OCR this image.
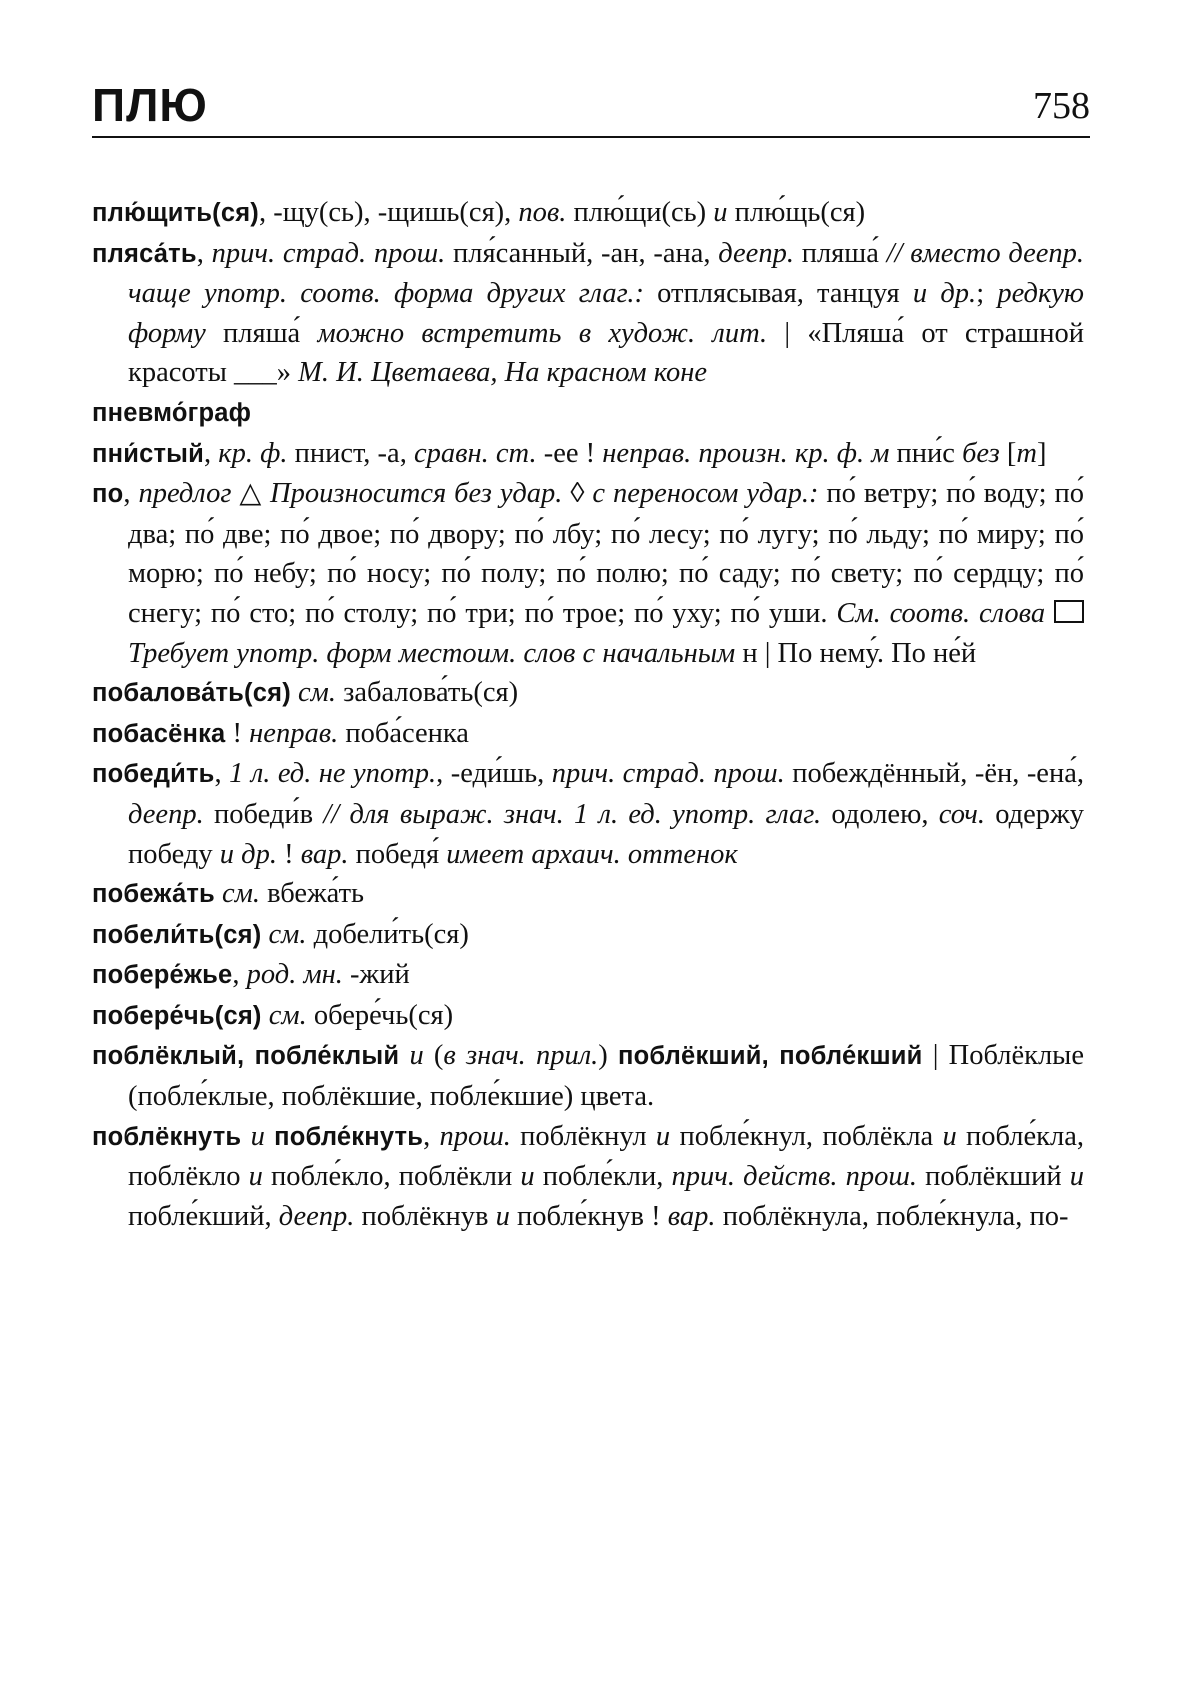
ПЛЮ	758
плю́щить(ся), -щу(сь), -щишь(ся), пов. плю́щи(сь) и плю́щь(ся)
пляса́ть, прич. страд. прош. пля́санный, -ан, -ана, деепр. пляша́ // вместо деепр. чаще употр. соотв. форма других глаг.: отплясывая, танцуя и др.; редкую форму пляша́ можно встретить в худож. лит. | «Пляша́ от страшной красоты ___» М. И. Цветаева, На красном коне
пневмо́граф
пни́стый, кр. ф. пнист, -а, сравн. ст. -ее ! неправ. произн. кр. ф. м пни́с без [т]
по, предлог △ Произносится без удар. ◊ с переносом удар.: по́ ветру; по́ воду; по́ два; по́ две; по́ двое; по́ двору; по́ лбу; по́ лесу; по́ лугу; по́ льду; по́ миру; по́ морю; по́ небу; по́ носу; по́ полу; по́ полю; по́ саду; по́ свету; по́ сердцу; по́ снегу; по́ сто; по́ столу; по́ три; по́ трое; по́ уху; по́ уши. См. соотв. слова  Требует употр. форм местоим. слов с начальным н | По нему́. По не́й
побалова́ть(ся) см. забалова́ть(ся)
побасёнка ! неправ. поба́сенка
победи́ть, 1 л. ед. не употр., -еди́шь, прич. страд. прош. побеждённый, -ён, -ена́, деепр. победи́в // для выраж. знач. 1 л. ед. употр. глаг. одолею, соч. одержу победу и др. ! вар. победя́ имеет архаич. оттенок
побежа́ть см. вбежа́ть
побели́ть(ся) см. добели́ть(ся)
побере́жье, род. мн. -жий
побере́чь(ся) см. обере́чь(ся)
поблёклый, побле́клый и (в знач. прил.) поблёкший, побле́кший | Поблёклые (побле́клые, поблёкшие, побле́кшие) цвета.
поблёкнуть и побле́кнуть, прош. поблёкнул и побле́кнул, поблёкла и побле́кла, поблёкло и побле́кло, поблёкли и побле́кли, прич. действ. прош. поблёкший и побле́кший, деепр. поблёкнув и побле́кнув ! вар. поблёкнула, побле́кнула, по-
